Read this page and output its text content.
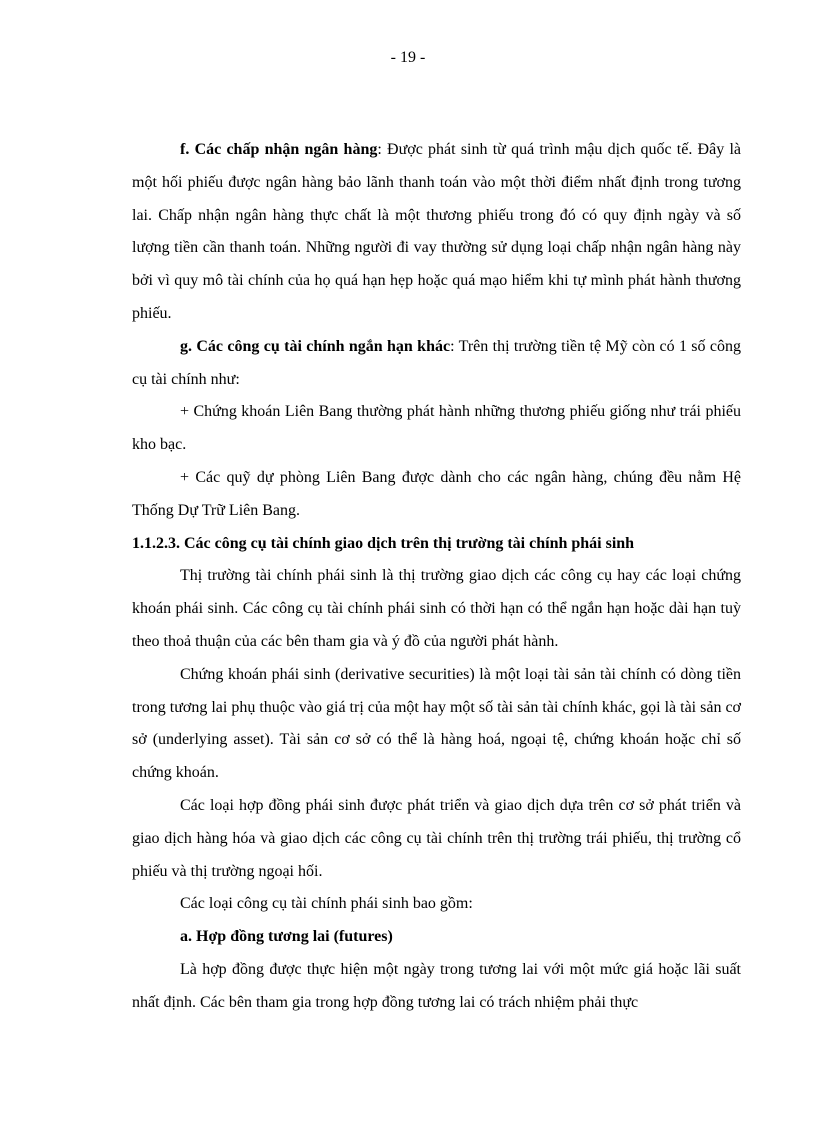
- 19 -

f. Các chấp nhận ngân hàng: Được phát sinh từ quá trình mậu dịch quốc tế. Đây là một hối phiếu được ngân hàng bảo lãnh thanh toán vào một thời điểm nhất định trong tương lai. Chấp nhận ngân hàng thực chất là một thương phiếu trong đó có quy định ngày và số lượng tiền cần thanh toán. Những người đi vay thường sử dụng loại chấp nhận ngân hàng này bởi vì quy mô tài chính của họ quá hạn hẹp hoặc quá mạo hiểm khi tự mình phát hành thương phiếu.

g. Các công cụ tài chính ngắn hạn khác: Trên thị trường tiền tệ Mỹ còn có 1 số công cụ tài chính như:

+ Chứng khoán Liên Bang thường phát hành những thương phiếu giống như trái phiếu kho bạc.

+ Các quỹ dự phòng Liên Bang được dành cho các ngân hàng, chúng đều nằm Hệ Thống Dự Trữ Liên Bang.

1.1.2.3. Các công cụ tài chính giao dịch trên thị trường tài chính phái sinh

Thị trường tài chính phái sinh là thị trường giao dịch các công cụ hay các loại chứng khoán phái sinh. Các công cụ tài chính phái sinh có thời hạn có thể ngắn hạn hoặc dài hạn tuỳ theo thoả thuận của các bên tham gia và ý đồ của người phát hành.

Chứng khoán phái sinh (derivative securities) là một loại tài sản tài chính có dòng tiền trong tương lai phụ thuộc vào giá trị của một hay một số tài sản tài chính khác, gọi là tài sản cơ sở (underlying asset). Tài sản cơ sở có thể là hàng hoá, ngoại tệ, chứng khoán hoặc chỉ số chứng khoán.

Các loại hợp đồng phái sinh được phát triển và giao dịch dựa trên cơ sở phát triển và giao dịch hàng hóa và giao dịch các công cụ tài chính trên thị trường trái phiếu, thị trường cổ phiếu và thị trường ngoại hối.

Các loại công cụ tài chính phái sinh bao gồm:

a. Hợp đồng tương lai (futures)

Là hợp đồng được thực hiện một ngày trong tương lai với một mức giá hoặc lãi suất nhất định. Các bên tham gia trong hợp đồng tương lai có trách nhiệm phải thực
